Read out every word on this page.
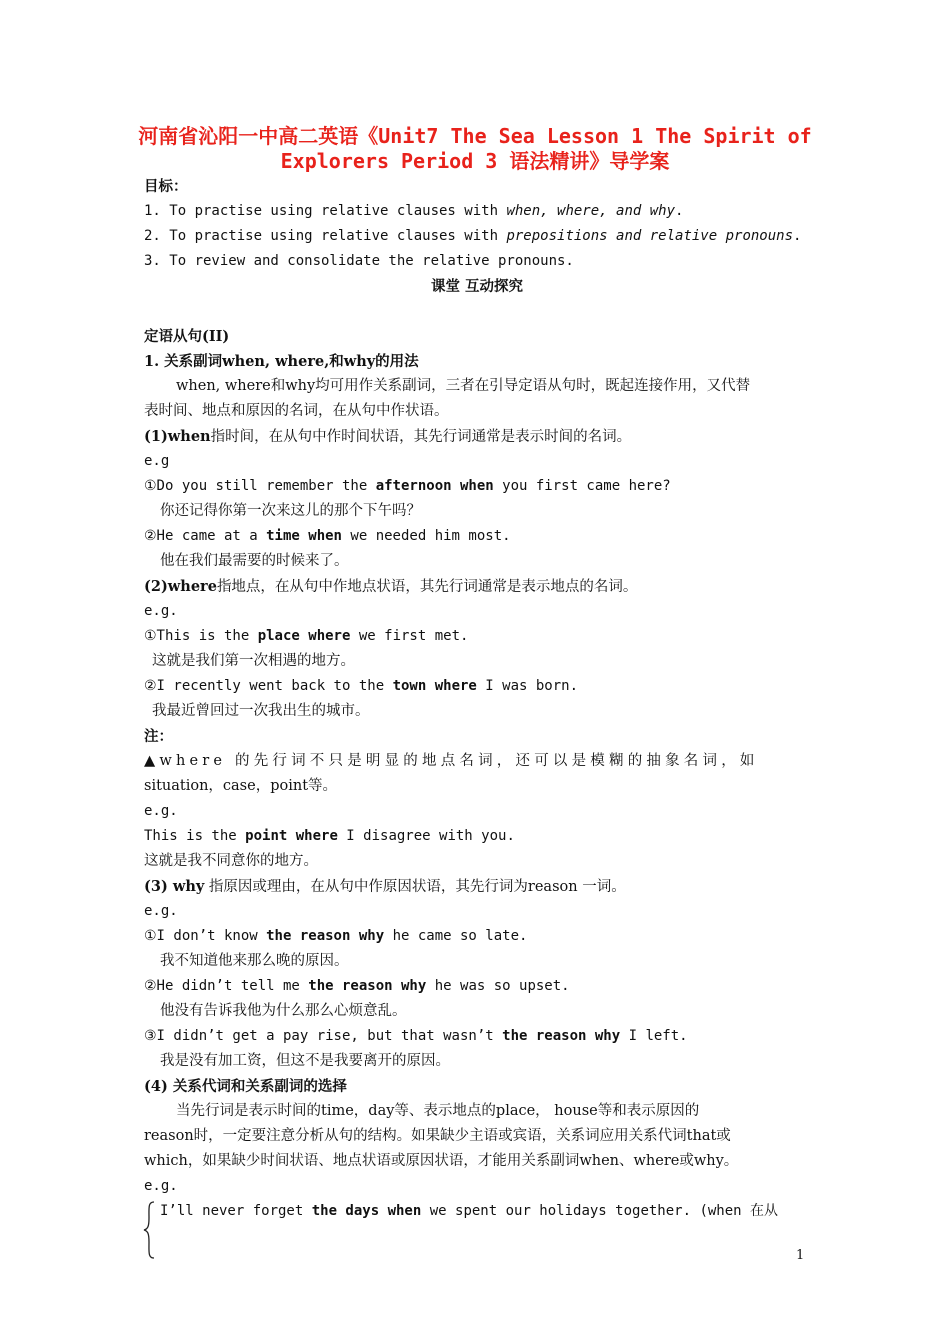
河南省沁阳一中高二英语《Unit7 The Sea Lesson 1 The Spirit of
Explorers Period 3 语法精讲》导学案
目标：
1. To practise using relative clauses with when, where, and why.
2. To practise using relative clauses with prepositions and relative pronouns.
3. To review and consolidate the relative pronouns.
课堂 互动探究
定语从句(II)
1. 关系副词when, where,和why的用法
when, where和why均可用作关系副词，三者在引导定语从句时，既起连接作用，又代替
表时间、地点和原因的名词，在从句中作状语。
(1)when指时间，在从句中作时间状语，其先行词通常是表示时间的名词。
e.g
①Do you still remember the afternoon when you first came here?
你还记得你第一次来这儿的那个下午吗？
②He came at a time when we needed him most.
他在我们最需要的时候来了。
(2)where指地点，在从句中作地点状语，其先行词通常是表示地点的名词。
e.g.
①This is the place where we first met.
这就是我们第一次相遇的地方。
②I recently went back to the town where I was born.
我最近曾回过一次我出生的城市。
注：
▲where 的先行词不只是明显的地点名词，还可以是模糊的抽象名词，如
situation，case，point等。
e.g.
This is the point where I disagree with you.
这就是我不同意你的地方。
(3) why 指原因或理由，在从句中作原因状语，其先行词为reason 一词。
e.g.
①I don’t know the reason why he came so late.
我不知道他来那么晚的原因。
②He didn’t tell me the reason why he was so upset.
他没有告诉我他为什么那么心烦意乱。
③I didn’t get a pay rise, but that wasn’t the reason why I left.
我是没有加工资，但这不是我要离开的原因。
(4) 关系代词和关系副词的选择
当先行词是表示时间的time，day等、表示地点的place， house等和表示原因的
reason时，一定要注意分析从句的结构。如果缺少主语或宾语，关系词应用关系代词that或
which，如果缺少时间状语、地点状语或原因状语，才能用关系副词when、where或why。
e.g.
I’ll never forget the days when we spent our holidays together. (when 在从
1
